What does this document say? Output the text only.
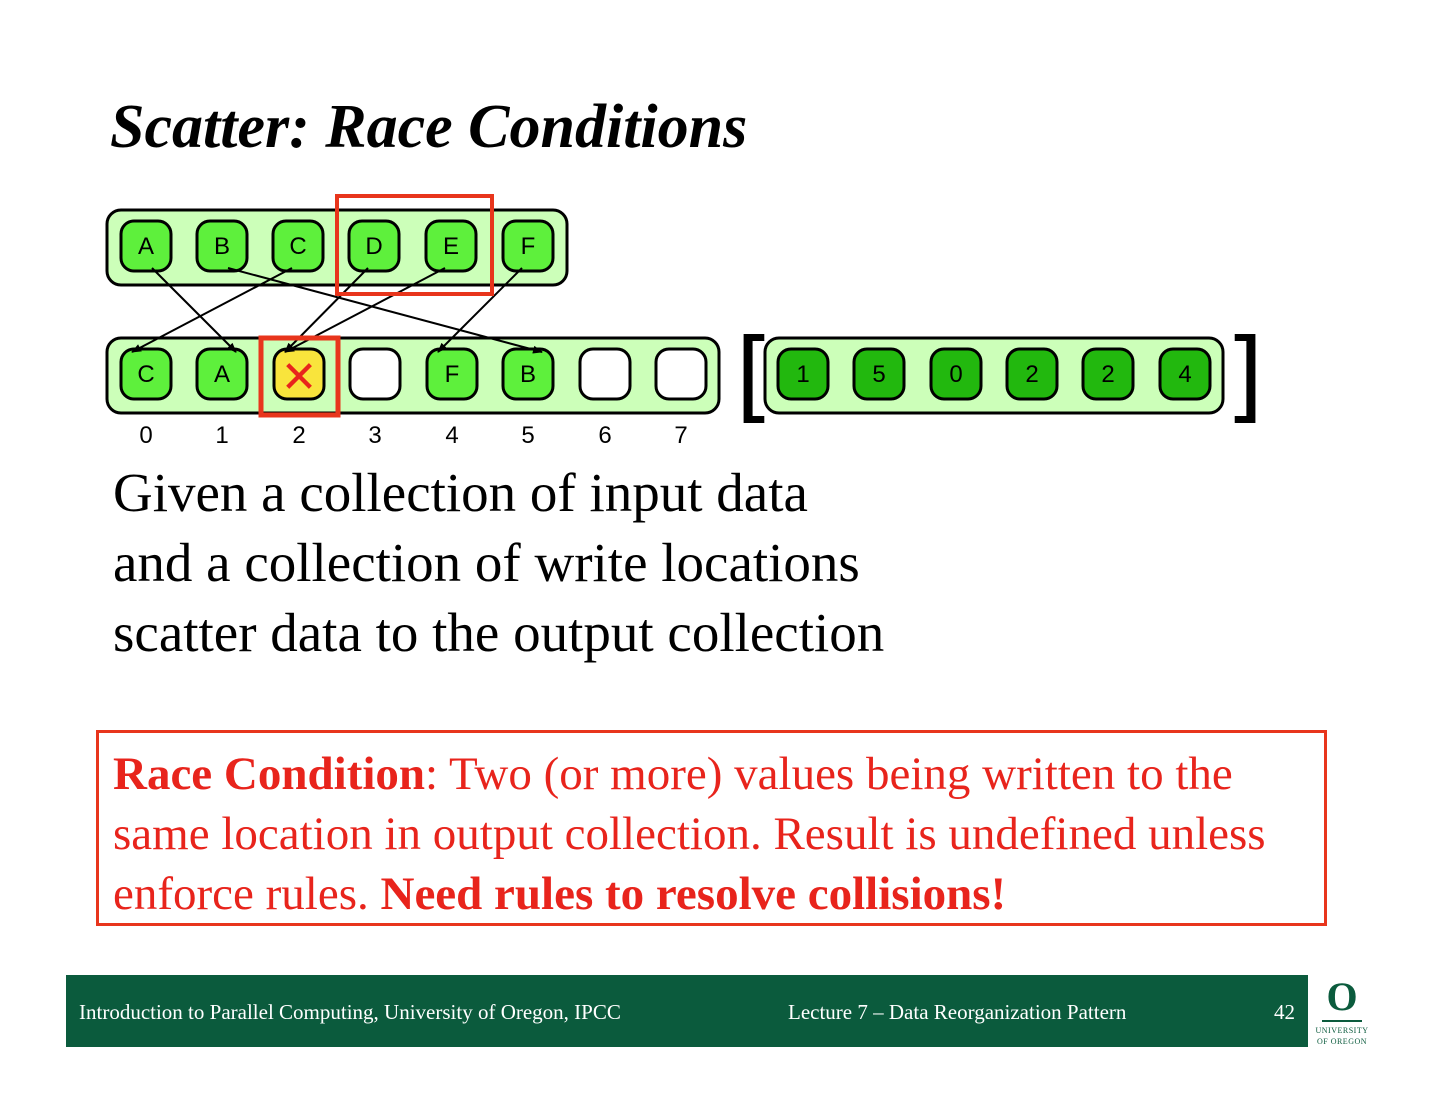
Scatter: Race Conditions
A B C D	E	F
C A	F	B	1	5	0	2	2	4
✕
0	1	2	3	4	5	6	7
[	]
Given a collection of input data
and a collection of write locations
scatter data to the output collection
Race Condition: Two (or more) values being written to the same location in output collection. Result is undefined unless enforce rules. Need rules to resolve collisions!
Introduction to Parallel Computing, University of Oregon, IPCC	Lecture 7 – Data Reorganization Pattern	42 O
UNIVERSITY
OF OREGON
